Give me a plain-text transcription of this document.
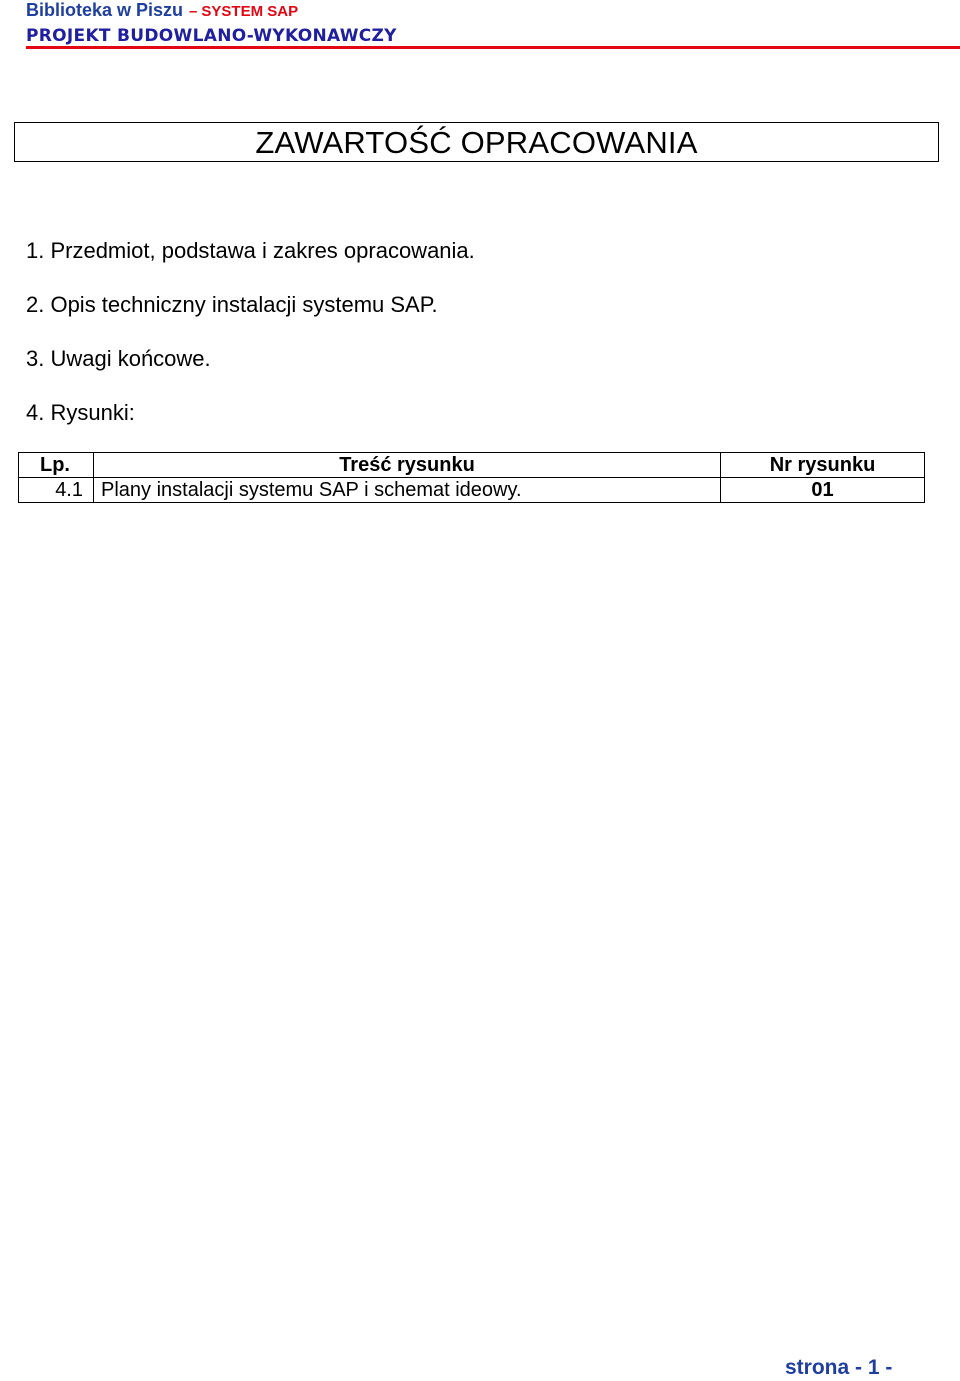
Biblioteka w Piszu – SYSTEM SAP
PROJEKT BUDOWLANO-WYKONAWCZY
ZAWARTOŚĆ OPRACOWANIA
1. Przedmiot, podstawa i zakres opracowania.
2. Opis techniczny instalacji systemu SAP.
3. Uwagi końcowe.
4. Rysunki:
Lp.	Treść rysunku	Nr rysunku
4.1	Plany instalacji systemu SAP i schemat ideowy.	01
strona - 1 -
